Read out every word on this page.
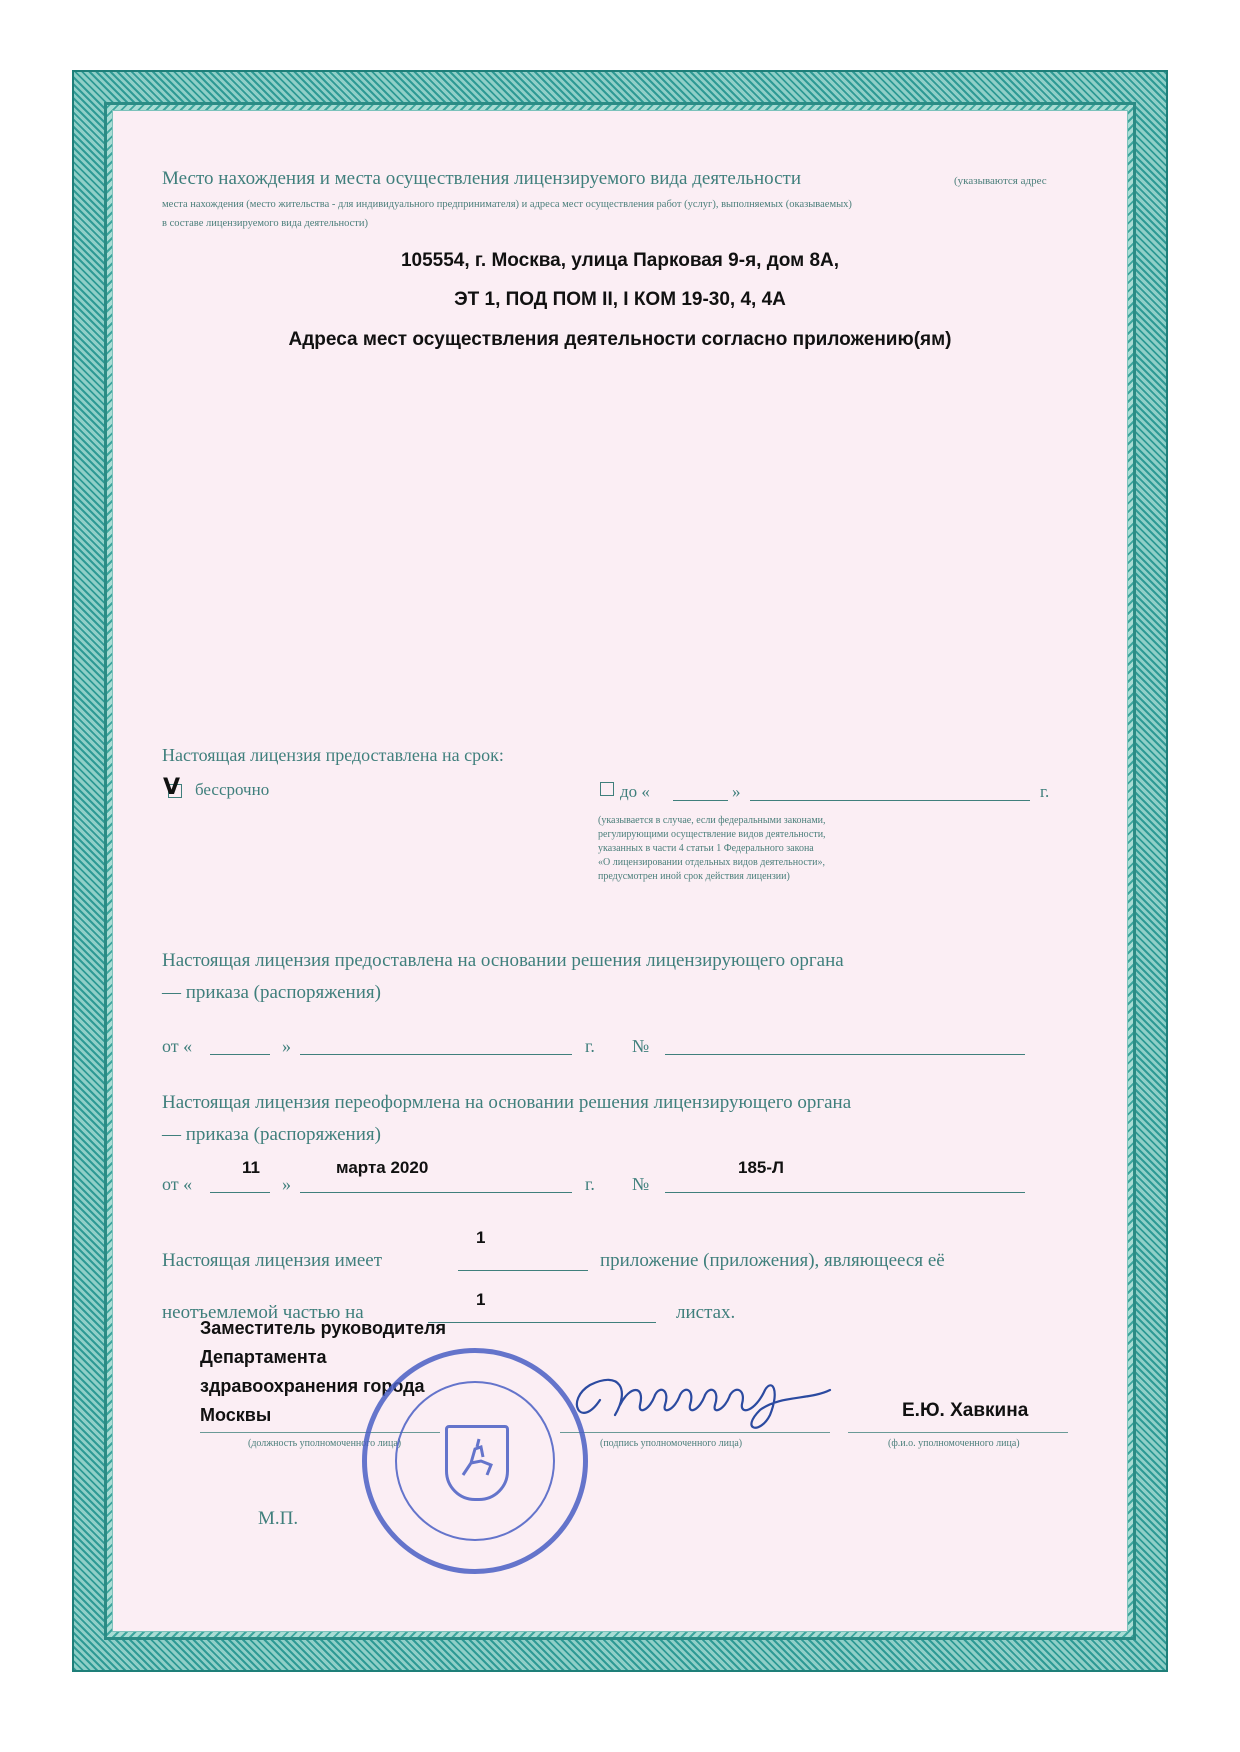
Место нахождения и места осуществления лицензируемого вида деятельности	(указываются адрес
места нахождения (место жительства - для индивидуального предпринимателя) и адреса мест осуществления работ (услуг), выполняемых (оказываемых)
в составе лицензируемого вида деятельности)
105554, г. Москва, улица Парковая 9-я, дом 8А,
ЭТ 1, ПОД ПОМ II, I КОМ 19-30, 4, 4А
Адреса мест осуществления деятельности согласно приложению(ям)
Настоящая лицензия предоставлена на срок:
V бессрочно	до «	»	г.
(указывается в случае, если федеральными законами,
регулирующими осуществление видов деятельности,
указанных в части 4 статьи 1 Федерального закона
«О лицензировании отдельных видов деятельности»,
предусмотрен иной срок действия лицензии)
Настоящая лицензия предоставлена на основании решения лицензирующего органа
— приказа (распоряжения)
от «	»	г. №
Настоящая лицензия переоформлена на основании решения лицензирующего органа
— приказа (распоряжения)
11	марта 2020	185-Л
от «	»	г. №
1
Настоящая лицензия имеет	приложение (приложения), являющееся её
1
неотъемлемой частью на	листах.
Заместитель руководителя
Департамента
здравоохранения города
Москвы
(должность уполномоченного лица)	(подпись уполномоченного лица)
Е.Ю. Хавкина
(ф.и.о. уполномоченного лица)
М.П.
